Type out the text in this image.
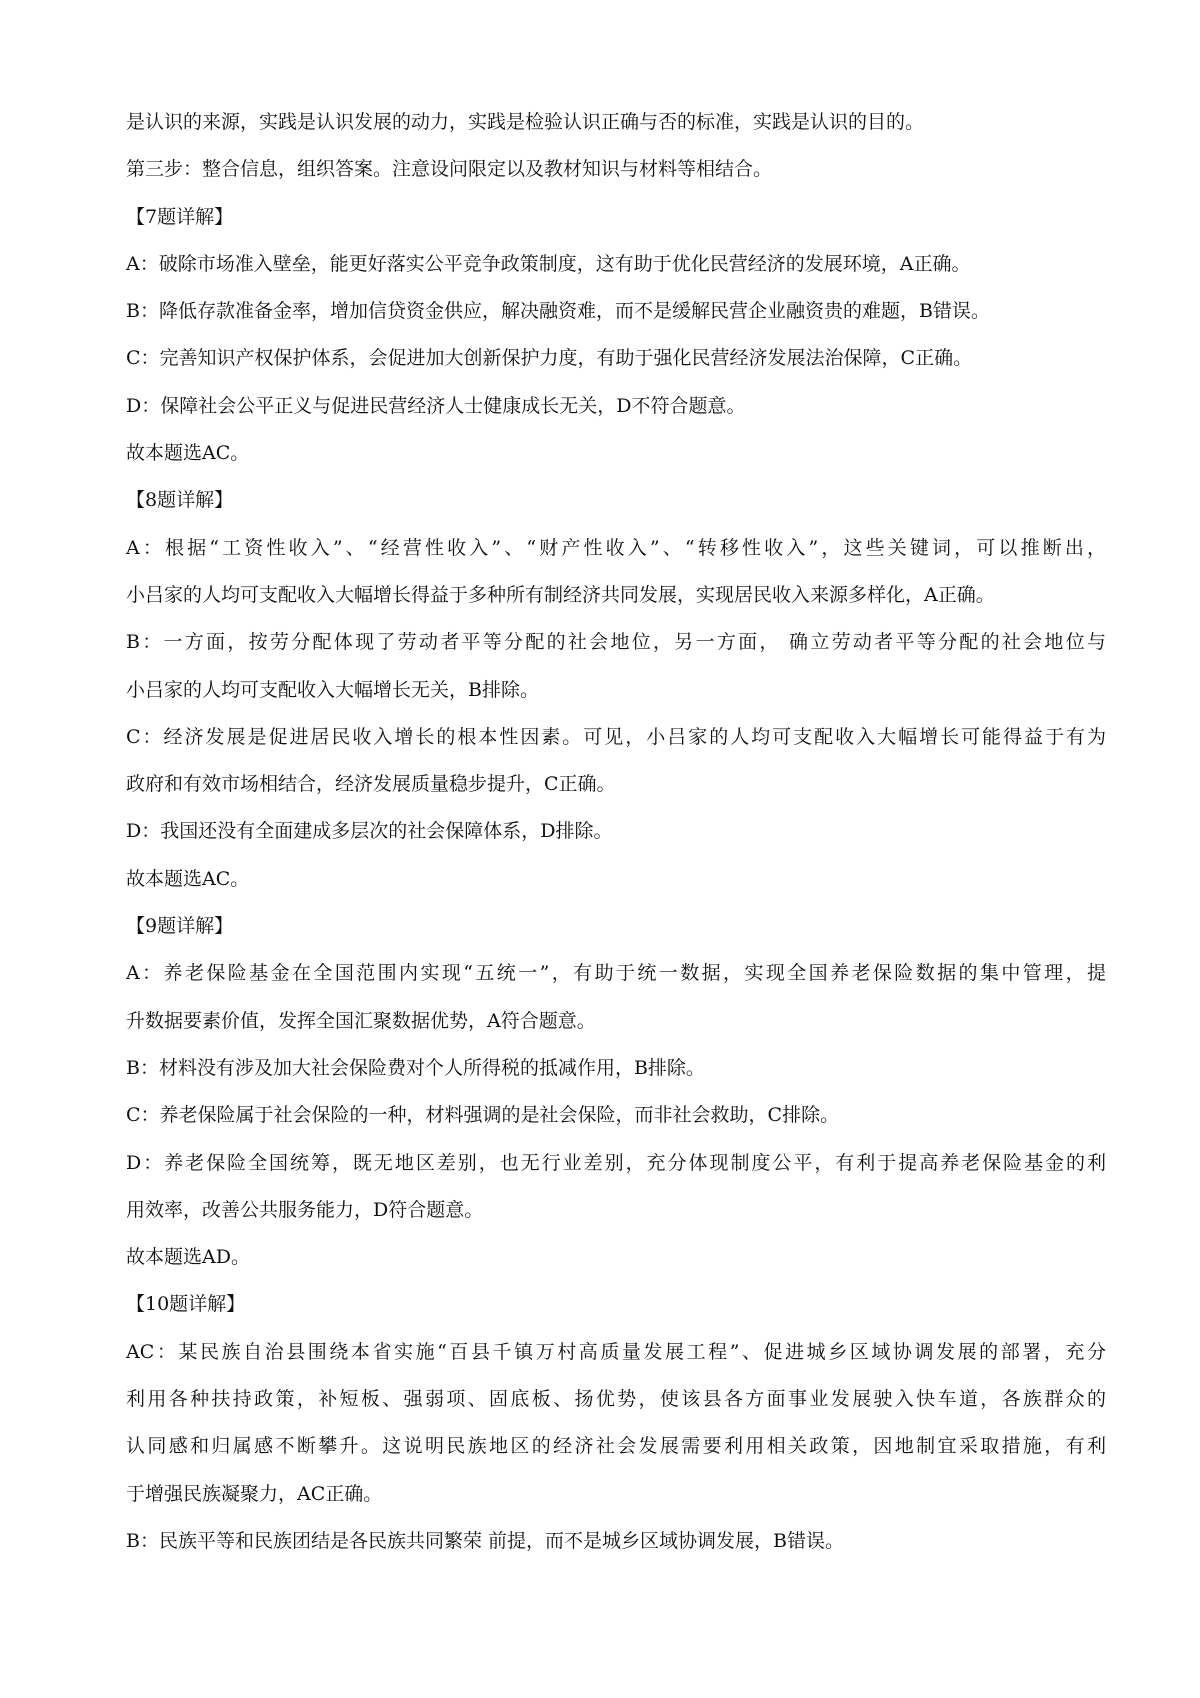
是认识的来源，实践是认识发展的动力，实践是检验认识正确与否的标准，实践是认识的目的。
第三步：整合信息，组织答案。注意设问限定以及教材知识与材料等相结合。
【7题详解】
A：破除市场准入壁垒，能更好落实公平竞争政策制度，这有助于优化民营经济的发展环境，A正确。
B：降低存款准备金率，增加信贷资金供应，解决融资难，而不是缓解民营企业融资贵的难题，B错误。
C：完善知识产权保护体系，会促进加大创新保护力度，有助于强化民营经济发展法治保障，C正确。
D：保障社会公平正义与促进民营经济人士健康成长无关，D不符合题意。
故本题选AC。
【8题详解】
A：根据“工资性收入”、“经营性收入”、“财产性收入”、“转移性收入”，这些关键词，可以推断出，
小吕家的人均可支配收入大幅增长得益于多种所有制经济共同发展，实现居民收入来源多样化，A正确。
B：一方面，按劳分配体现了劳动者平等分配的社会地位，另一方面， 确立劳动者平等分配的社会地位与
小吕家的人均可支配收入大幅增长无关，B排除。
C：经济发展是促进居民收入增长的根本性因素。可见，小吕家的人均可支配收入大幅增长可能得益于有为
政府和有效市场相结合，经济发展质量稳步提升，C正确。
D：我国还没有全面建成多层次的社会保障体系，D排除。
故本题选AC。
【9题详解】
A：养老保险基金在全国范围内实现“五统一”，有助于统一数据，实现全国养老保险数据的集中管理，提
升数据要素价值，发挥全国汇聚数据优势，A符合题意。
B：材料没有涉及加大社会保险费对个人所得税的抵减作用，B排除。
C：养老保险属于社会保险的一种，材料强调的是社会保险，而非社会救助，C排除。
D：养老保险全国统筹，既无地区差别，也无行业差别，充分体现制度公平，有利于提高养老保险基金的利
用效率，改善公共服务能力，D符合题意。
故本题选AD。
【10题详解】
AC：某民族自治县围绕本省实施“百县千镇万村高质量发展工程”、促进城乡区域协调发展的部署，充分
利用各种扶持政策，补短板、强弱项、固底板、扬优势，使该县各方面事业发展驶入快车道，各族群众的
认同感和归属感不断攀升。这说明民族地区的经济社会发展需要利用相关政策，因地制宜采取措施，有利
于增强民族凝聚力，AC正确。
B：民族平等和民族团结是各民族共同繁荣 前提，而不是城乡区域协调发展，B错误。
